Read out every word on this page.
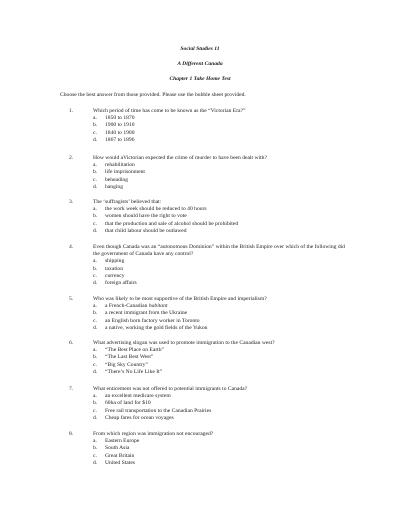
Social Studies 11
A Different Canada
Chapter 1 Take Home Test
Choose the best answer from those provided. Please use the bubble sheet provided.
1.	Which period of time has come to be known as the “Victorian Era?”
a.	1850 to 1870
b.	1900 to 1910
c.	1840 to 1900
d.	1867 to 1896
2.	How would aVictorian expected the crime of murder to have been dealt with?
a.	rehabilitation
b.	life imprisonment
c.	beheading
d.	hanging
3.	The ‘suffragists’ believed that:
a.	the work week should be reduced to 40 hours
b.	women should have the right to vote
c.	that the production and sale of alcohol should be prohibited
d.	that child labour should be outlawed
4.	Even though Canada was an “autonomous Dominion” within the British Empire over which of the following did the government of Canada have any control?
a.	shipping
b.	taxation
c.	currency
d.	foreign affairs
5.	Who was likely to be most supportive of the British Empire and imperialism?
a.	a French-Canadian habitant
b.	a recent immigrant from the Ukraine
c.	an English born factory worker in Toronto
d.	a native, working the gold fields of the Yukon
6.	What advertising slogan was used to promote immigration to the Canadian west?
a.	“The Best Place on Earth”
b.	“The Last Best West”
c.	“Big Sky Country”
d.	“There’s No Life Like It”
7.	What enticement was not offered to potential immigrants to Canada?
a.	an excellent medicare system
b.	60ha of land for $10
c.	Free rail transportation to the Canadian Prairies
d.	Cheap fares for ocean voyages
8.	From which region was immigration not encouraged?
a.	Eastern Europe
b.	South Asia
c.	Great Britain
d.	United States
